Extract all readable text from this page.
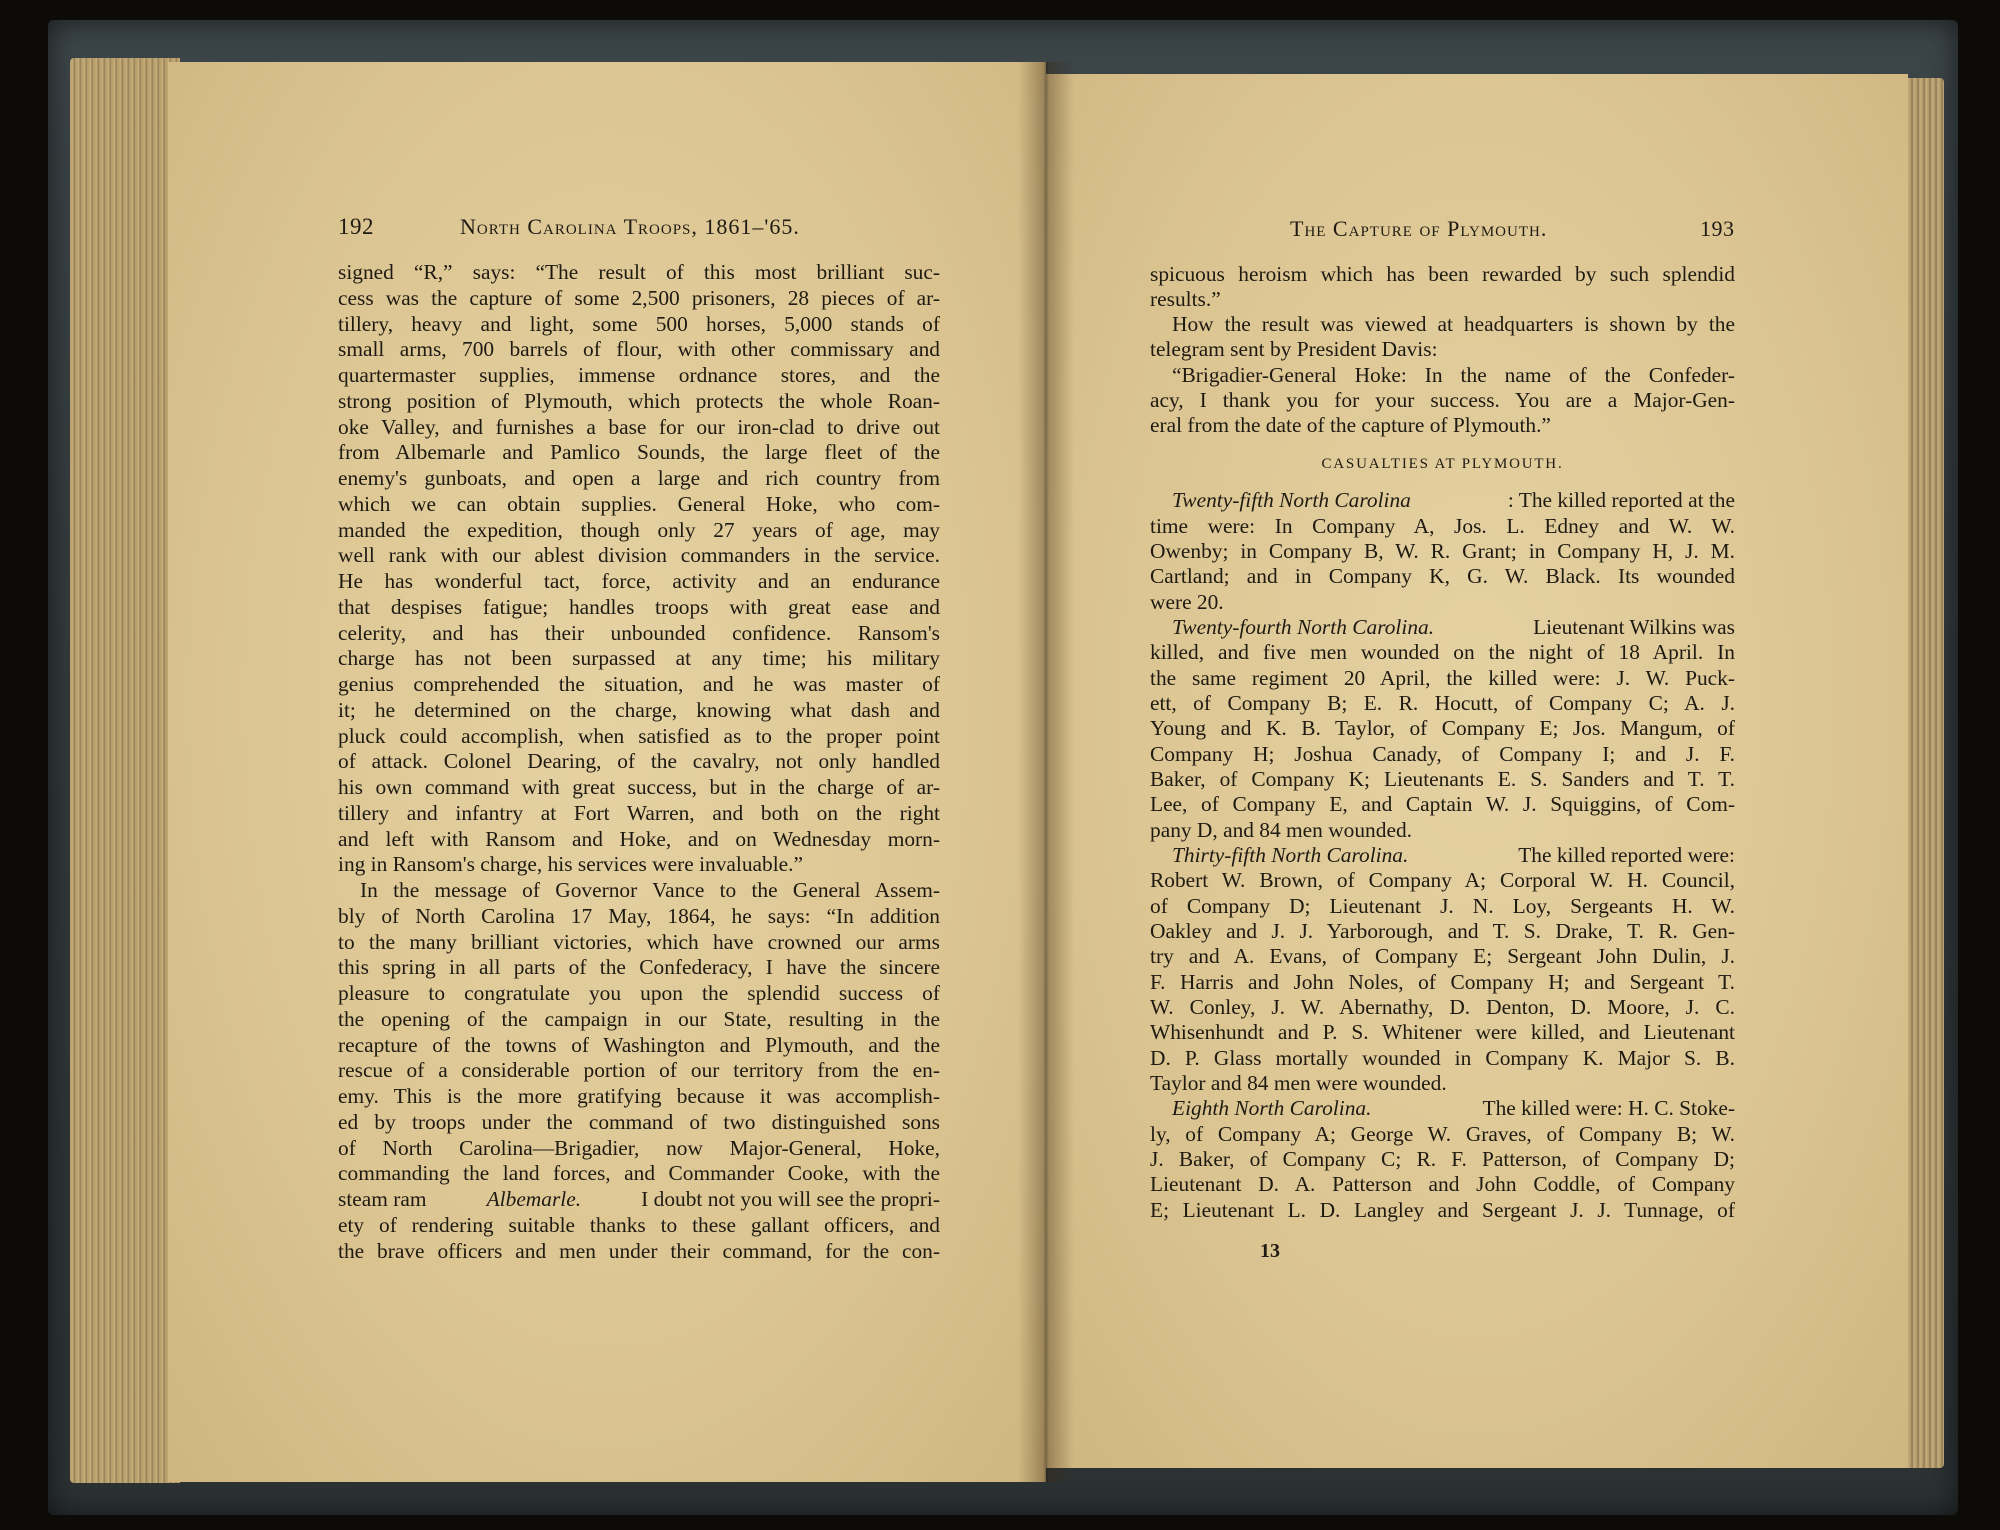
192	North Carolina Troops, 1861–'65.
signed “R,” says: “The result of this most brilliant suc-
cess was the capture of some 2,500 prisoners, 28 pieces of ar-
tillery, heavy and light, some 500 horses, 5,000 stands of
small arms, 700 barrels of flour, with other commissary and
quartermaster supplies, immense ordnance stores, and the
strong position of Plymouth, which protects the whole Roan-
oke Valley, and furnishes a base for our iron-clad to drive out
from Albemarle and Pamlico Sounds, the large fleet of the
enemy's gunboats, and open a large and rich country from
which we can obtain supplies. General Hoke, who com-
manded the expedition, though only 27 years of age, may
well rank with our ablest division commanders in the service.
He has wonderful tact, force, activity and an endurance
that despises fatigue; handles troops with great ease and
celerity, and has their unbounded confidence. Ransom's
charge has not been surpassed at any time; his military
genius comprehended the situation, and he was master of
it; he determined on the charge, knowing what dash and
pluck could accomplish, when satisfied as to the proper point
of attack. Colonel Dearing, of the cavalry, not only handled
his own command with great success, but in the charge of ar-
tillery and infantry at Fort Warren, and both on the right
and left with Ransom and Hoke, and on Wednesday morn-
ing in Ransom's charge, his services were invaluable.”
In the message of Governor Vance to the General Assem-
bly of North Carolina 17 May, 1864, he says: “In addition
to the many brilliant victories, which have crowned our arms
this spring in all parts of the Confederacy, I have the sincere
pleasure to congratulate you upon the splendid success of
the opening of the campaign in our State, resulting in the
recapture of the towns of Washington and Plymouth, and the
rescue of a considerable portion of our territory from the en-
emy. This is the more gratifying because it was accomplish-
ed by troops under the command of two distinguished sons
of North Carolina—Brigadier, now Major-General, Hoke,
commanding the land forces, and Commander Cooke, with the
steam ram	Albemarle.	I doubt not you will see the propri-
ety of rendering suitable thanks to these gallant officers, and
the brave officers and men under their command, for the con-
The Capture of Plymouth.	193
spicuous heroism which has been rewarded by such splendid
results.”
How the result was viewed at headquarters is shown by the
telegram sent by President Davis:
“Brigadier-General Hoke: In the name of the Confeder-
acy, I thank you for your success. You are a Major-Gen-
eral from the date of the capture of Plymouth.”
CASUALTIES AT PLYMOUTH.
Twenty-fifth North Carolina	: The killed reported at the
time were: In Company A, Jos. L. Edney and W. W.
Owenby; in Company B, W. R. Grant; in Company H, J. M.
Cartland; and in Company K, G. W. Black. Its wounded
were 20.
Twenty-fourth North Carolina.	Lieutenant Wilkins was
killed, and five men wounded on the night of 18 April. In
the same regiment 20 April, the killed were: J. W. Puck-
ett, of Company B; E. R. Hocutt, of Company C; A. J.
Young and K. B. Taylor, of Company E; Jos. Mangum, of
Company H; Joshua Canady, of Company I; and J. F.
Baker, of Company K; Lieutenants E. S. Sanders and T. T.
Lee, of Company E, and Captain W. J. Squiggins, of Com-
pany D, and 84 men wounded.
Thirty-fifth North Carolina.	The killed reported were:
Robert W. Brown, of Company A; Corporal W. H. Council,
of Company D; Lieutenant J. N. Loy, Sergeants H. W.
Oakley and J. J. Yarborough, and T. S. Drake, T. R. Gen-
try and A. Evans, of Company E; Sergeant John Dulin, J.
F. Harris and John Noles, of Company H; and Sergeant T.
W. Conley, J. W. Abernathy, D. Denton, D. Moore, J. C.
Whisenhundt and P. S. Whitener were killed, and Lieutenant
D. P. Glass mortally wounded in Company K. Major S. B.
Taylor and 84 men were wounded.
Eighth North Carolina.	The killed were: H. C. Stoke-
ly, of Company A; George W. Graves, of Company B; W.
J. Baker, of Company C; R. F. Patterson, of Company D;
Lieutenant D. A. Patterson and John Coddle, of Company
E; Lieutenant L. D. Langley and Sergeant J. J. Tunnage, of
13
